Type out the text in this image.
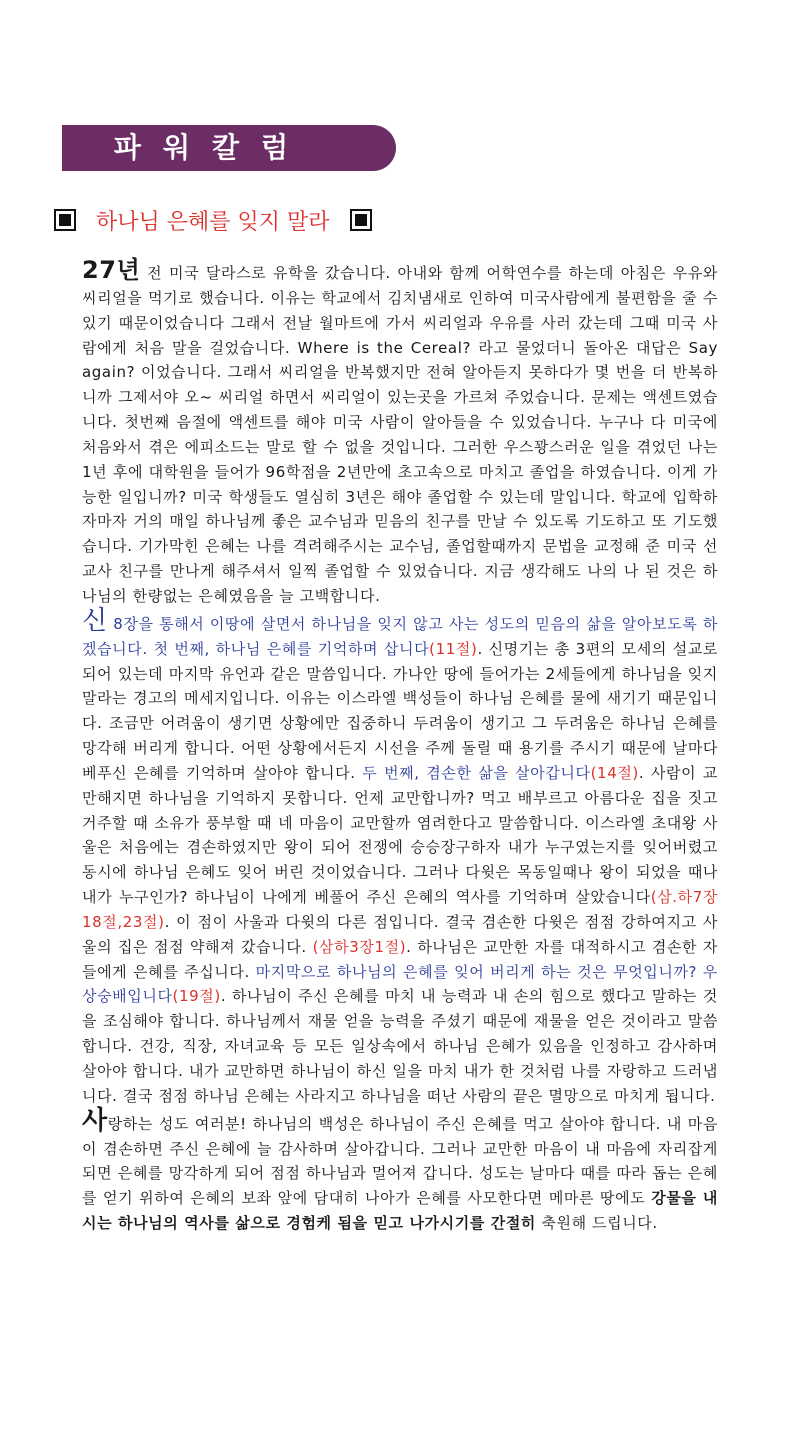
파워칼럼
하나님 은혜를 잊지 말라

27년 전 미국 달라스로 유학을 갔습니다. 아내와 함께 어학연수를 하는데 아침은 우유와 씨리얼을 먹기로 했습니다. 이유는 학교에서 김치냄새로 인하여 미국사람에게 불편함을 줄 수 있기 때문이었습니다 그래서 전날 월마트에 가서 씨리얼과 우유를 사러 갔는데 그때 미국 사람에게 처음 말을 걸었습니다. Where is the Cereal? 라고 물었더니 돌아온 대답은 Say again? 이었습니다. 그래서 씨리얼을 반복했지만 전혀 알아듣지 못하다가 몇 번을 더 반복하니까 그제서야 오~ 씨리얼 하면서 씨리얼이 있는곳을 가르쳐 주었습니다. 문제는 액센트였습니다. 첫번째 음절에 액센트를 해야 미국 사람이 알아들을 수 있었습니다. 누구나 다 미국에 처음와서 겪은 에피소드는 말로 할 수 없을 것입니다. 그러한 우스꽝스러운 일을 겪었던 나는 1년 후에 대학원을 들어가 96학점을 2년만에 초고속으로 마치고 졸업을 하였습니다. 이게 가능한 일입니까? 미국 학생들도 열심히 3년은 해야 졸업할 수 있는데 말입니다. 학교에 입학하자마자 거의 매일 하나님께 좋은 교수님과 믿음의 친구를 만날 수 있도록 기도하고 또 기도했습니다. 기가막힌 은혜는 나를 격려해주시는 교수님, 졸업할때까지 문법을 교정해 준 미국 선교사 친구를 만나게 해주셔서 일찍 졸업할 수 있었습니다. 지금 생각해도 나의 나 된 것은 하나님의 한량없는 은혜였음을 늘 고백합니다.

신 8장을 통해서 이땅에 살면서 하나님을 잊지 않고 사는 성도의 믿음의 삶을 알아보도록 하겠습니다. 첫 번째, 하나님 은혜를 기억하며 삽니다(11절). 신명기는 총 3편의 모세의 설교로 되어 있는데 마지막 유언과 같은 말씀입니다. 가나안 땅에 들어가는 2세들에게 하나님을 잊지 말라는 경고의 메세지입니다. 이유는 이스라엘 백성들이 하나님 은혜를 물에 새기기 때문입니다. 조금만 어려움이 생기면 상황에만 집중하니 두려움이 생기고 그 두려움은 하나님 은혜를 망각해 버리게 합니다. 어떤 상황에서든지 시선을 주께 돌릴 때 용기를 주시기 때문에 날마다 베푸신 은혜를 기억하며 살아야 합니다. 두 번째, 겸손한 삶을 살아갑니다(14절). 사람이 교만해지면 하나님을 기억하지 못합니다. 언제 교만합니까? 먹고 배부르고 아름다운 집을 짓고 거주할 때 소유가 풍부할 때 네 마음이 교만할까 염려한다고 말씀합니다. 이스라엘 초대왕 사울은 처음에는 겸손하였지만 왕이 되어 전쟁에 승승장구하자 내가 누구였는지를 잊어버렸고 동시에 하나님 은혜도 잊어 버린 것이었습니다. 그러나 다윗은 목동일때나 왕이 되었을 때나 내가 누구인가? 하나님이 나에게 베풀어 주신 은혜의 역사를 기억하며 살았습니다(삼.하7장18절,23절). 이 점이 사울과 다윗의 다른 점입니다. 결국 겸손한 다윗은 점점 강하여지고 사울의 집은 점점 약해져 갔습니다. (삼하3장1절). 하나님은 교만한 자를 대적하시고 겸손한 자들에게 은혜를 주십니다. 마지막으로 하나님의 은혜를 잊어 버리게 하는 것은 무엇입니까? 우상숭배입니다(19절). 하나님이 주신 은혜를 마치 내 능력과 내 손의 힘으로 했다고 말하는 것을 조심해야 합니다. 하나님께서 재물 얻을 능력을 주셨기 때문에 재물을 얻은 것이라고 말씀합니다. 건강, 직장, 자녀교육 등 모든 일상속에서 하나님 은혜가 있음을 인정하고 감사하며 살아야 합니다. 내가 교만하면 하나님이 하신 일을 마치 내가 한 것처럼 나를 자랑하고 드러냅니다. 결국 점점 하나님 은혜는 사라지고 하나님을 떠난 사람의 끝은 멸망으로 마치게 됩니다.

사랑하는 성도 여러분! 하나님의 백성은 하나님이 주신 은혜를 먹고 살아야 합니다. 내 마음이 겸손하면 주신 은혜에 늘 감사하며 살아갑니다. 그러나 교만한 마음이 내 마음에 자리잡게 되면 은혜를 망각하게 되어 점점 하나님과 멀어져 갑니다. 성도는 날마다 때를 따라 돕는 은혜를 얻기 위하여 은혜의 보좌 앞에 담대히 나아가 은혜를 사모한다면 메마른 땅에도 강물을 내시는 하나님의 역사를 삶으로 경험케 됨을 믿고 나가시기를 간절히 축원해 드립니다.
